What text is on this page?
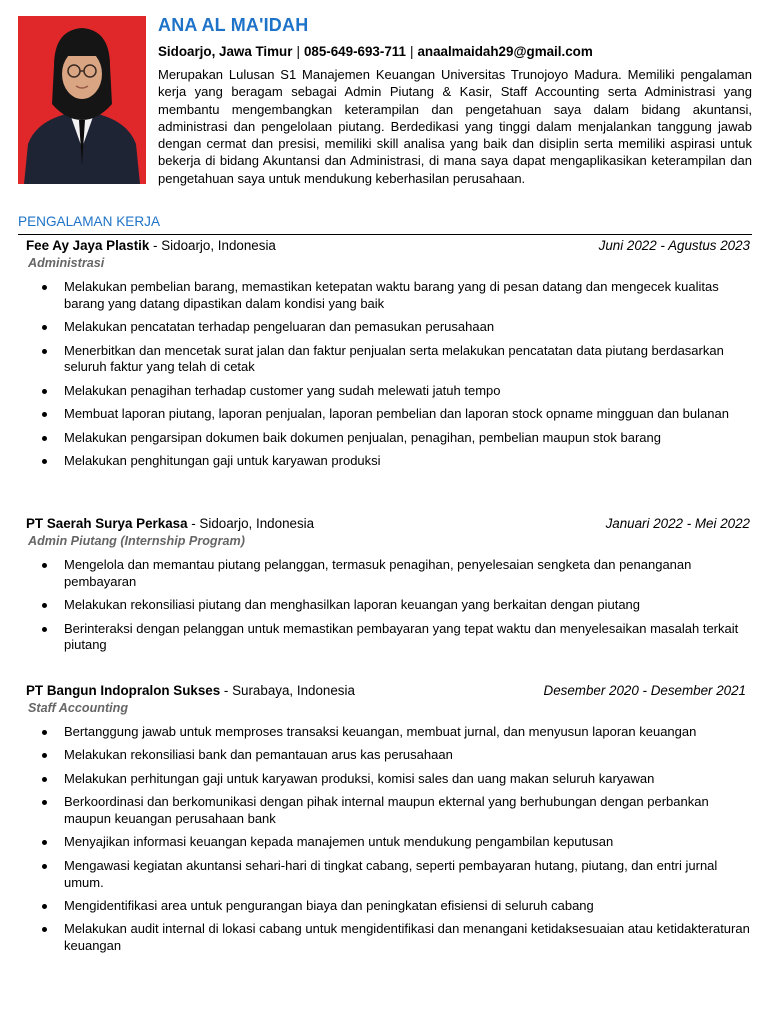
ANA AL MA'IDAH
Sidoarjo, Jawa Timur | 085-649-693-711 | anaalmaidah29@gmail.com

Merupakan Lulusan S1 Manajemen Keuangan Universitas Trunojoyo Madura. Memiliki pengalaman kerja yang beragam sebagai Admin Piutang & Kasir, Staff Accounting serta Administrasi yang membantu mengembangkan keterampilan dan pengetahuan saya dalam bidang akuntansi, administrasi dan pengelolaan piutang. Berdedikasi yang tinggi dalam menjalankan tanggung jawab dengan cermat dan presisi, memiliki skill analisa yang baik dan disiplin serta memiliki aspirasi untuk bekerja di bidang Akuntansi dan Administrasi, di mana saya dapat mengaplikasikan keterampilan dan pengetahuan saya untuk mendukung keberhasilan perusahaan.

PENGALAMAN KERJA
Fee Ay Jaya Plastik - Sidoarjo, Indonesia	Juni 2022 - Agustus 2023
Administrasi
Melakukan pembelian barang, memastikan ketepatan waktu barang yang di pesan datang dan mengecek kualitas barang yang datang dipastikan dalam kondisi yang baik
Melakukan pencatatan terhadap pengeluaran dan pemasukan perusahaan
Menerbitkan dan mencetak surat jalan dan faktur penjualan serta melakukan pencatatan data piutang berdasarkan seluruh faktur yang telah di cetak
Melakukan penagihan terhadap customer yang sudah melewati jatuh tempo
Membuat laporan piutang, laporan penjualan, laporan pembelian dan laporan stock opname mingguan dan bulanan
Melakukan pengarsipan dokumen baik dokumen penjualan, penagihan, pembelian maupun stok barang
Melakukan penghitungan gaji untuk karyawan produksi
PT Saerah Surya Perkasa - Sidoarjo, Indonesia	Januari 2022 - Mei 2022
Admin Piutang (Internship Program)
Mengelola dan memantau piutang pelanggan, termasuk penagihan, penyelesaian sengketa dan penanganan pembayaran
Melakukan rekonsiliasi piutang dan menghasilkan laporan keuangan yang berkaitan dengan piutang
Berinteraksi dengan pelanggan untuk memastikan pembayaran yang tepat waktu dan menyelesaikan masalah terkait piutang
PT Bangun Indopralon Sukses - Surabaya, Indonesia	Desember 2020 - Desember 2021
Staff Accounting
Bertanggung jawab untuk memproses transaksi keuangan, membuat jurnal, dan menyusun laporan keuangan
Melakukan rekonsiliasi bank dan pemantauan arus kas perusahaan
Melakukan perhitungan gaji untuk karyawan produksi, komisi sales dan uang makan seluruh karyawan
Berkoordinasi dan berkomunikasi dengan pihak internal maupun ekternal yang berhubungan dengan perbankan maupun keuangan perusahaan bank
Menyajikan informasi keuangan kepada manajemen untuk mendukung pengambilan keputusan
Mengawasi kegiatan akuntansi sehari-hari di tingkat cabang, seperti pembayaran hutang, piutang, dan entri jurnal umum.
Mengidentifikasi area untuk pengurangan biaya dan peningkatan efisiensi di seluruh cabang
Melakukan audit internal di lokasi cabang untuk mengidentifikasi dan menangani ketidaksesuaian atau ketidakteraturan keuangan
